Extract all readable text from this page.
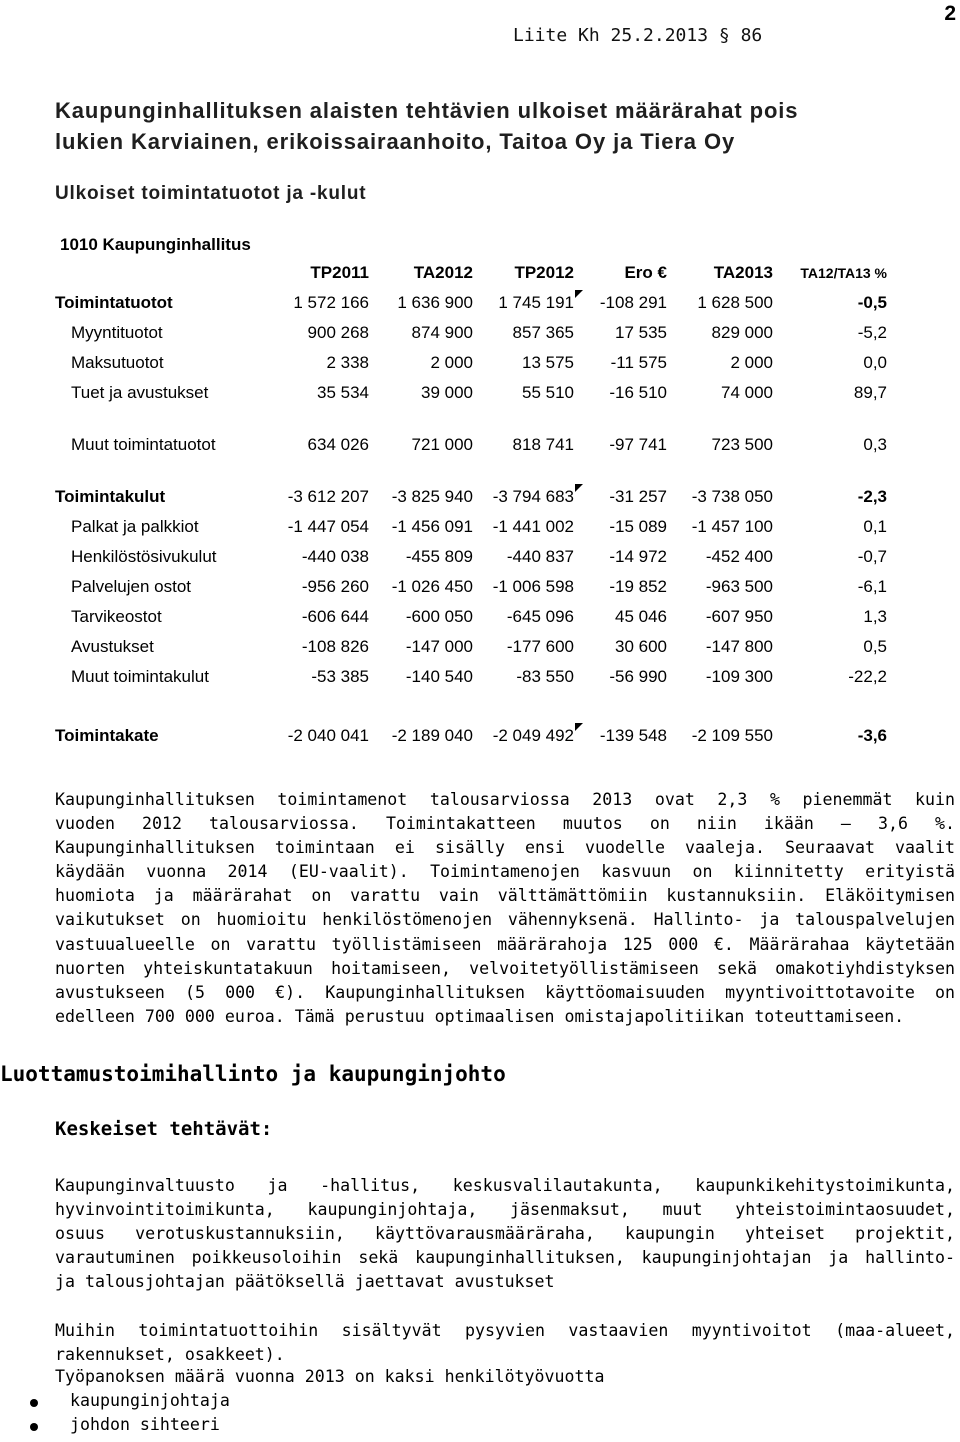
2
Liite Kh 25.2.2013 § 86
Kaupunginhallituksen alaisten tehtävien ulkoiset määrärahat pois
lukien Karviainen, erikoissairaanhoito, Taitoa Oy ja Tiera Oy
Ulkoiset toimintatuotot ja -kulut
1010 Kaupunginhallitus
	TP2011	TA2012	TP2012	Ero €	TA2013	TA12/TA13 %
Toimintatuotot	1 572 166	1 636 900	1 745 191	-108 291	1 628 500	-0,5
Myyntituotot	900 268	874 900	857 365	17 535	829 000	-5,2
Maksutuotot	2 338	2 000	13 575	-11 575	2 000	0,0
Tuet ja avustukset	35 534	39 000	55 510	-16 510	74 000	89,7

Muut toimintatuotot	634 026	721 000	818 741	-97 741	723 500	0,3

Toimintakulut	-3 612 207	-3 825 940	-3 794 683	-31 257	-3 738 050	-2,3
Palkat ja palkkiot	-1 447 054	-1 456 091	-1 441 002	-15 089	-1 457 100	0,1
Henkilöstösivukulut	-440 038	-455 809	-440 837	-14 972	-452 400	-0,7
Palvelujen ostot	-956 260	-1 026 450	-1 006 598	-19 852	-963 500	-6,1
Tarvikeostot	-606 644	-600 050	-645 096	45 046	-607 950	1,3
Avustukset	-108 826	-147 000	-177 600	30 600	-147 800	0,5
Muut toimintakulut	-53 385	-140 540	-83 550	-56 990	-109 300	-22,2

Toimintakate	-2 040 041	-2 189 040	-2 049 492	-139 548	-2 109 550	-3,6
Kaupunginhallituksen toimintamenot talousarviossa 2013 ovat 2,3 % pienemmät kuin
vuoden 2012 talousarviossa. Toimintakatteen muutos on niin ikään – 3,6 %.
Kaupunginhallituksen toimintaan ei sisälly ensi vuodelle vaaleja. Seuraavat vaalit
käydään vuonna 2014 (EU-vaalit). Toimintamenojen kasvuun on kiinnitetty erityistä
huomiota ja määrärahat on varattu vain välttämättömiin kustannuksiin. Eläköitymisen
vaikutukset on huomioitu henkilöstömenojen vähennyksenä. Hallinto- ja talouspalvelujen
vastuualueelle on varattu työllistämiseen määrärahoja 125 000 €. Määrärahaa käytetään
nuorten yhteiskuntatakuun hoitamiseen, velvoitetyöllistämiseen sekä omakotiyhdistyksen
avustukseen (5 000 €). Kaupunginhallituksen käyttöomaisuuden myyntivoittotavoite on
edelleen 700 000 euroa. Tämä perustuu optimaalisen omistajapolitiikan toteuttamiseen.
Luottamustoimihallinto ja kaupunginjohto
Keskeiset tehtävät:
Kaupunginvaltuusto ja -hallitus, keskusvalilautakunta, kaupunkikehitystoimikunta,
hyvinvointitoimikunta, kaupunginjohtaja, jäsenmaksut, muut yhteistoimintaosuudet,
osuus verotuskustannuksiin, käyttövarausmääräraha, kaupungin yhteiset projektit,
varautuminen poikkeusoloihin sekä kaupunginhallituksen, kaupunginjohtajan ja hallinto-
ja talousjohtajan päätöksellä jaettavat avustukset
Muihin toimintatuottoihin sisältyvät pysyvien vastaavien myyntivoitot (maa-alueet,
rakennukset, osakkeet).
Työpanoksen määrä vuonna 2013 on kaksi henkilötyövuotta
kaupunginjohtaja
johdon sihteeri
